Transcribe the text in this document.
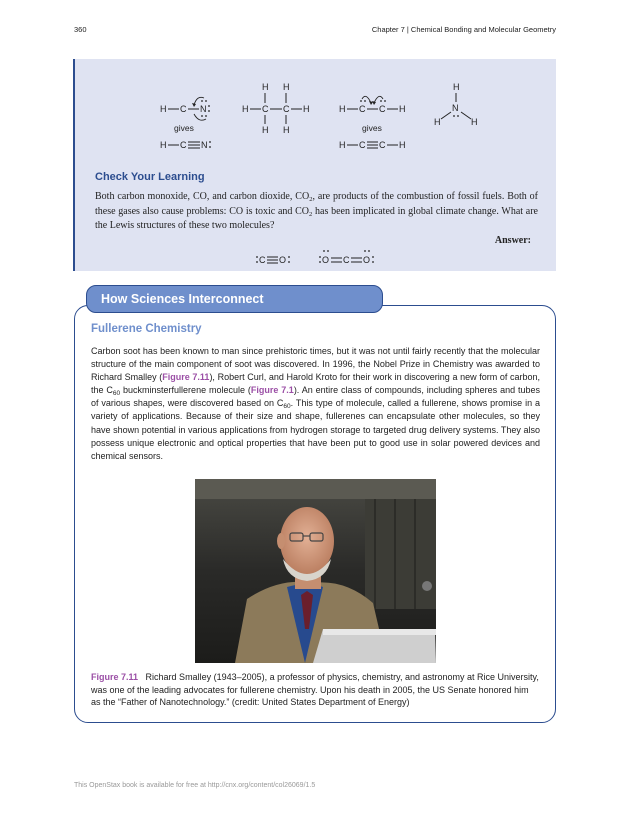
360	Chapter 7 | Chemical Bonding and Molecular Geometry
H C N
gives
H C N
H H
H C C H
H H
H C C H
gives
H C C H
H
N
H	H
Check Your Learning
Both carbon monoxide, CO, and carbon dioxide, $CO_2$, are products of the combustion of fossil fuels. Both of these gases also cause problems: CO is toxic and $CO_2$ has been implicated in global climate change. What are the Lewis structures of these two molecules?
Answer:
C O	O C O
How Sciences Interconnect
Fullerene Chemistry
Carbon soot has been known to man since prehistoric times, but it was not until fairly recently that the molecular structure of the main component of soot was discovered. In 1996, the Nobel Prize in Chemistry was awarded to Richard Smalley (Figure 7.11), Robert Curl, and Harold Kroto for their work in discovering a new form of carbon, the $C_{60}$ buckminsterfullerene molecule (Figure 7.1). An entire class of compounds, including spheres and tubes of various shapes, were discovered based on $C_{60}$. This type of molecule, called a fullerene, shows promise in a variety of applications. Because of their size and shape, fullerenes can encapsulate other molecules, so they have shown potential in various applications from hydrogen storage to targeted drug delivery systems. They also possess unique electronic and optical properties that have been put to good use in solar powered devices and chemical sensors.
Figure 7.11 Richard Smalley (1943–2005), a professor of physics, chemistry, and astronomy at Rice University, was one of the leading advocates for fullerene chemistry. Upon his death in 2005, the US Senate honored him as the “Father of Nanotechnology.” (credit: United States Department of Energy)
This OpenStax book is available for free at http://cnx.org/content/col26069/1.5
